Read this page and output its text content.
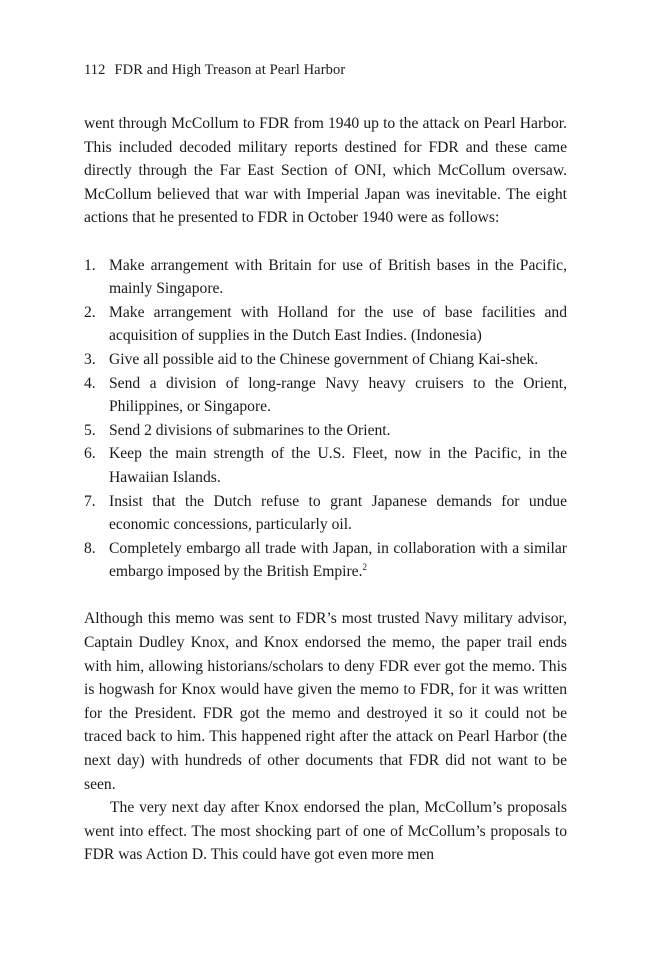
112 FDR and High Treason at Pearl Harbor

went through McCollum to FDR from 1940 up to the attack on Pearl Harbor. This included decoded military reports destined for FDR and these came directly through the Far East Section of ONI, which McCollum oversaw. McCollum believed that war with Imperial Japan was inevitable. The eight actions that he presented to FDR in October 1940 were as follows:

1. Make arrangement with Britain for use of British bases in the Pacific, mainly Singapore.
2. Make arrangement with Holland for the use of base facilities and acquisition of supplies in the Dutch East Indies. (Indonesia)
3. Give all possible aid to the Chinese government of Chiang Kai-shek.
4. Send a division of long-range Navy heavy cruisers to the Orient, Philippines, or Singapore.
5. Send 2 divisions of submarines to the Orient.
6. Keep the main strength of the U.S. Fleet, now in the Pacific, in the Hawaiian Islands.
7. Insist that the Dutch refuse to grant Japanese demands for undue economic concessions, particularly oil.
8. Completely embargo all trade with Japan, in collaboration with a similar embargo imposed by the British Empire.$^2$

Although this memo was sent to FDR’s most trusted Navy military advisor, Captain Dudley Knox, and Knox endorsed the memo, the paper trail ends with him, allowing historians/scholars to deny FDR ever got the memo. This is hogwash for Knox would have given the memo to FDR, for it was written for the President. FDR got the memo and destroyed it so it could not be traced back to him. This happened right after the attack on Pearl Harbor (the next day) with hundreds of other documents that FDR did not want to be seen.

The very next day after Knox endorsed the plan, McCollum’s proposals went into effect. The most shocking part of one of McCollum’s proposals to FDR was Action D. This could have got even more men
